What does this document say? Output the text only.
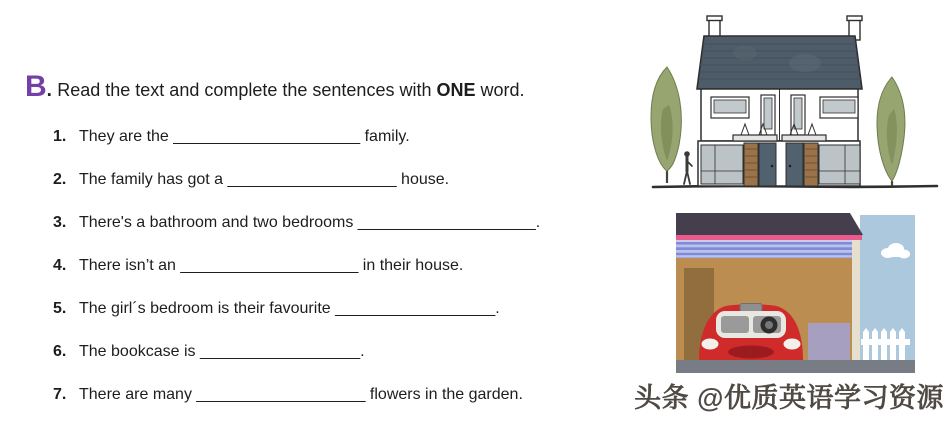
B. Read the text and complete the sentences with ONE word.
1. They are the _____________________ family.
2. The family has got a ___________________ house.
3. There's a bathroom and two bedrooms ____________________.
4. There isn’t an ____________________ in their house.
5. The girl´s bedroom is their favourite __________________.
6. The bookcase is __________________.
7. There are many ___________________ flowers in the garden.	头条 @优质英语学习资源
